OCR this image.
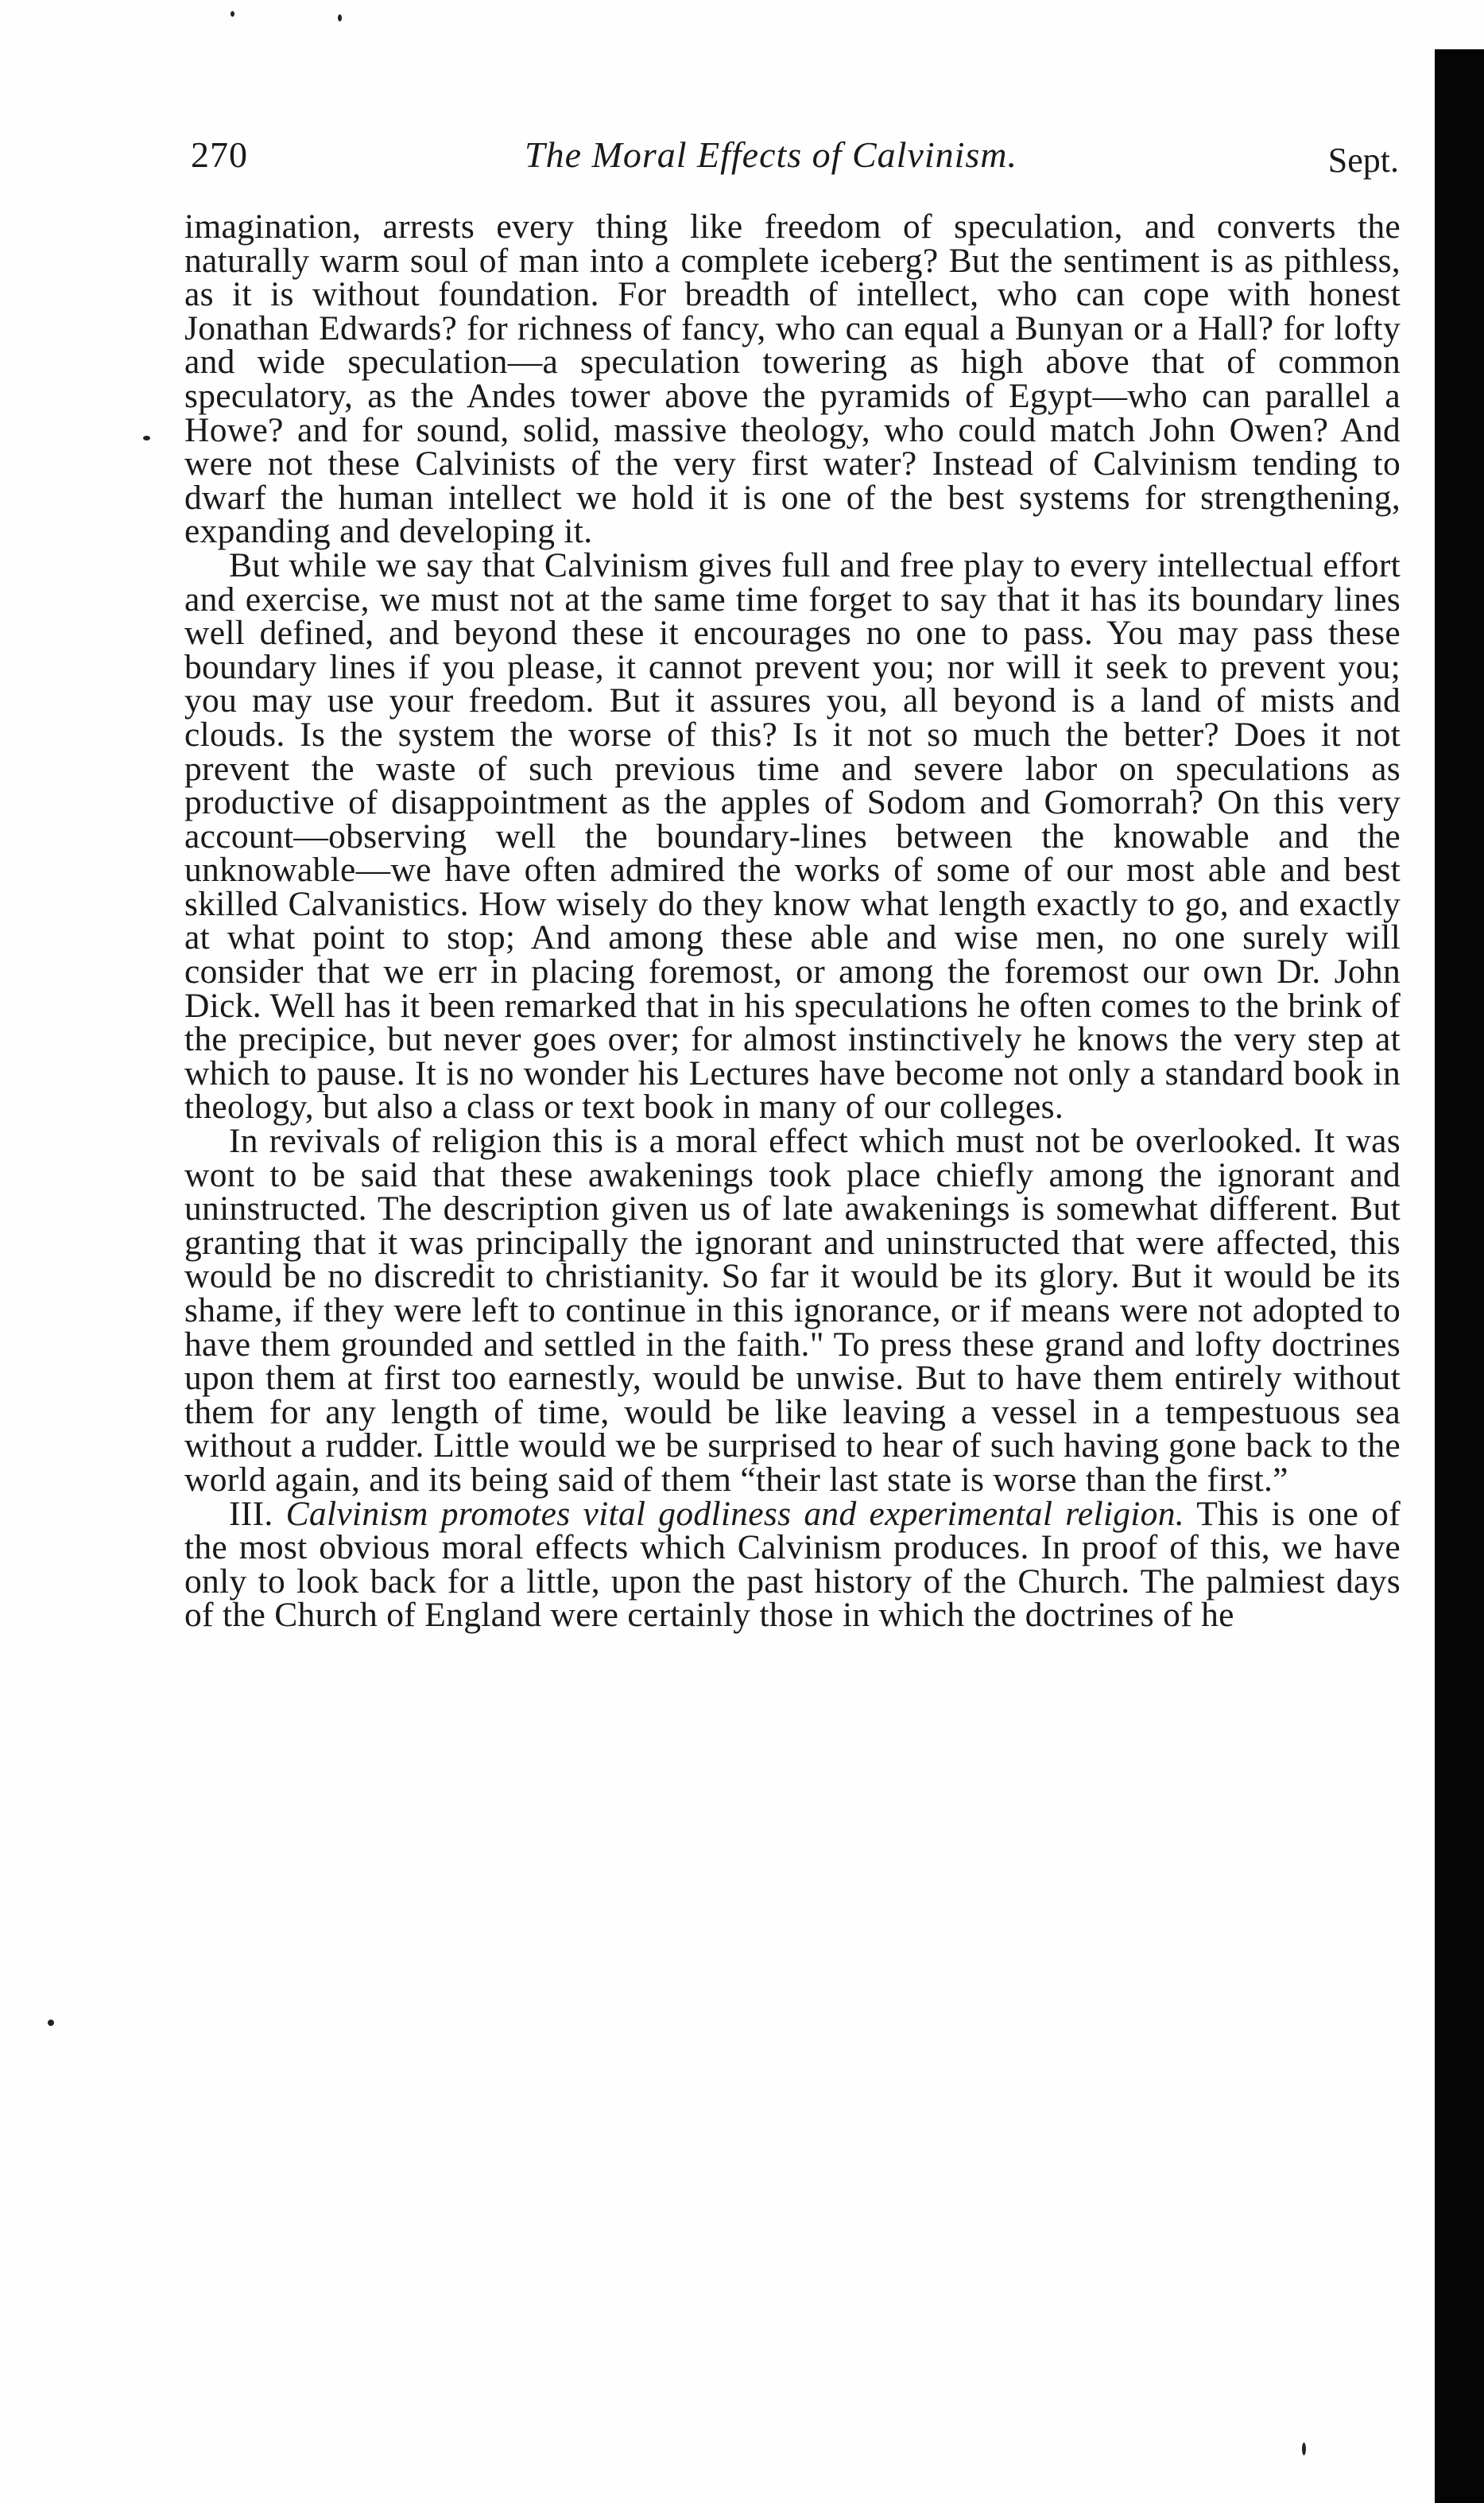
270	The Moral Effects of Calvinism.	Sept.

imagination, arrests every thing like freedom of speculation, and converts the naturally warm soul of man into a complete iceberg? But the sentiment is as pithless, as it is without foundation. For breadth of intellect, who can cope with honest Jonathan Edwards? for richness of fancy, who can equal a Bunyan or a Hall? for lofty and wide speculation—a speculation towering as high above that of common speculatory, as the Andes tower above the pyramids of Egypt—who can parallel a Howe? and for sound, solid, massive theology, who could match John Owen? And were not these Calvinists of the very first water? Instead of Calvinism tending to dwarf the human intellect we hold it is one of the best systems for strengthening, expanding and developing it.

But while we say that Calvinism gives full and free play to every intellectual effort and exercise, we must not at the same time forget to say that it has its boundary lines well defined, and beyond these it encourages no one to pass. You may pass these boundary lines if you please, it cannot prevent you; nor will it seek to prevent you; you may use your freedom. But it assures you, all beyond is a land of mists and clouds. Is the system the worse of this? Is it not so much the better? Does it not prevent the waste of such previous time and severe labor on speculations as productive of disappointment as the apples of Sodom and Gomorrah? On this very account—observing well the boundary-lines between the knowable and the unknowable—we have often admired the works of some of our most able and best skilled Calvanistics. How wisely do they know what length exactly to go, and exactly at what point to stop; And among these able and wise men, no one surely will consider that we err in placing foremost, or among the foremost our own Dr. John Dick. Well has it been remarked that in his speculations he often comes to the brink of the precipice, but never goes over; for almost instinctively he knows the very step at which to pause. It is no wonder his Lectures have become not only a standard book in theology, but also a class or text book in many of our colleges.

In revivals of religion this is a moral effect which must not be overlooked. It was wont to be said that these awakenings took place chiefly among the ignorant and uninstructed. The description given us of late awakenings is somewhat different. But granting that it was principally the ignorant and uninstructed that were affected, this would be no discredit to christianity. So far it would be its glory. But it would be its shame, if they were left to continue in this ignorance, or if means were not adopted to have them grounded and settled in the faith." To press these grand and lofty doctrines upon them at first too earnestly, would be unwise. But to have them entirely without them for any length of time, would be like leaving a vessel in a tempestuous sea without a rudder. Little would we be surprised to hear of such having gone back to the world again, and its being said of them “their last state is worse than the first.”

III. Calvinism promotes vital godliness and experimental religion. This is one of the most obvious moral effects which Calvinism produces. In proof of this, we have only to look back for a little, upon the past history of the Church. The palmiest days of the Church of England were certainly those in which the doctrines of he
